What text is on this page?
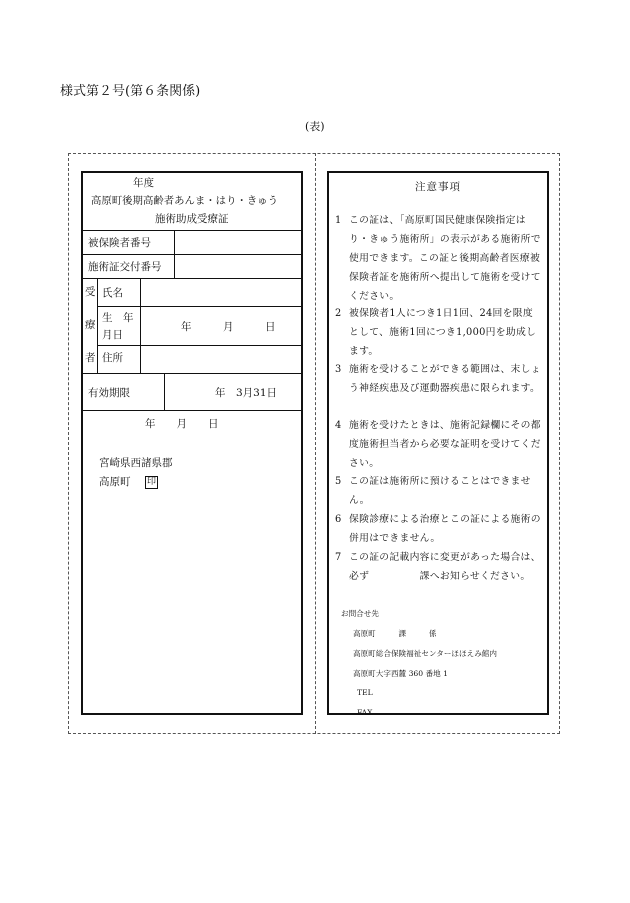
様式第２号(第６条関係)
(表)
年度
高原町後期高齢者あんま・はり・きゅう
施術助成受療証
被保険者番号
施術証交付番号
受
療
者
氏名
生　年
月日
年　　　月　　　日
住所
有効期限	年　3月31日
年　　月　　日
宮崎県西諸県郡
高原町 印
注意事項
1 この証は、「高原町国民健康保険指定はり・きゅう施術所」の表示がある施術所で使用できます。この証と後期高齢者医療被保険者証を施術所へ提出して施術を受けてください。
2 被保険者1人につき1日1回、24回を限度として、施術1回につき1,000円を助成します。
3 施術を受けることができる範囲は、末しょう神経疾患及び運動器疾患に限られます。
4 施術を受けたときは、施術記録欄にその都度施術担当者から必要な証明を受けてください。
5 この証は施術所に預けることはできません。
6 保険診療による治療とこの証による施術の併用はできません。
7 この証の記載内容に変更があった場合は、必ず　　　　　課へお知らせください。
お問合せ先
高原町　　　課　　　係
高原町総合保険福祉センターほほえみ館内
高原町大字西麓 360 番地 1
TEL
FAX
